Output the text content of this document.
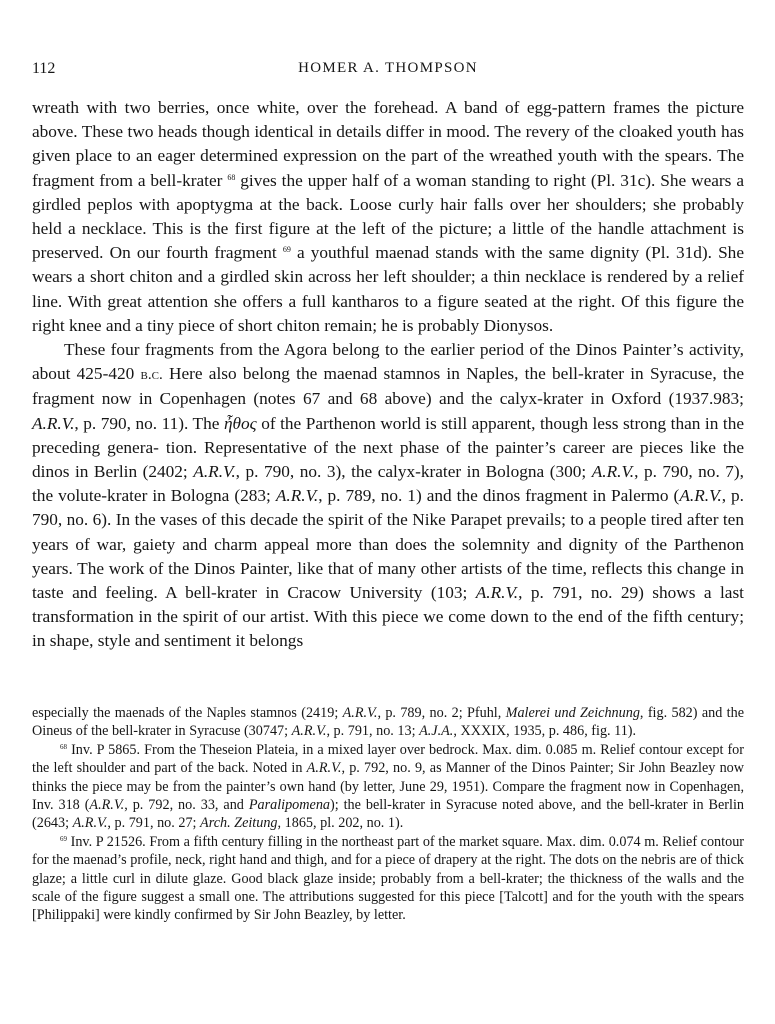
112	HOMER A. THOMPSON

wreath with two berries, once white, over the forehead. A band of egg-pattern frames the picture above. These two heads though identical in details differ in mood. The revery of the cloaked youth has given place to an eager determined expression on the part of the wreathed youth with the spears. The fragment from a bell-krater $^{68}$ gives the upper half of a woman standing to right (Pl. 31c). She wears a girdled peplos with apoptygma at the back. Loose curly hair falls over her shoulders; she probably held a necklace. This is the first figure at the left of the picture; a little of the handle attachment is preserved. On our fourth fragment $^{69}$ a youthful maenad stands with the same dignity (Pl. 31d). She wears a short chiton and a girdled skin across her left shoulder; a thin necklace is rendered by a relief line. With great attention she offers a full kantharos to a figure seated at the right. Of this figure the right knee and a tiny piece of short chiton remain; he is probably Dionysos.

These four fragments from the Agora belong to the earlier period of the Dinos Painter’s activity, about 425-420 b.c. Here also belong the maenad stamnos in Naples, the bell-krater in Syracuse, the fragment now in Copenhagen (notes 67 and 68 above) and the calyx-krater in Oxford (1937.983; A.R.V., p. 790, no. 11). The ἦθος of the Parthenon world is still apparent, though less strong than in the preceding genera- tion. Representative of the next phase of the painter’s career are pieces like the dinos in Berlin (2402; A.R.V., p. 790, no. 3), the calyx-krater in Bologna (300; A.R.V., p. 790, no. 7), the volute-krater in Bologna (283; A.R.V., p. 789, no. 1) and the dinos fragment in Palermo (A.R.V., p. 790, no. 6). In the vases of this decade the spirit of the Nike Parapet prevails; to a people tired after ten years of war, gaiety and charm appeal more than does the solemnity and dignity of the Parthenon years. The work of the Dinos Painter, like that of many other artists of the time, reflects this change in taste and feeling. A bell-krater in Cracow University (103; A.R.V., p. 791, no. 29) shows a last transformation in the spirit of our artist. With this piece we come down to the end of the fifth century; in shape, style and sentiment it belongs

especially the maenads of the Naples stamnos (2419; A.R.V., p. 789, no. 2; Pfuhl, Malerei und Zeichnung, fig. 582) and the Oineus of the bell-krater in Syracuse (30747; A.R.V., p. 791, no. 13; A.J.A., XXXIX, 1935, p. 486, fig. 11).

$^{68}$ Inv. P 5865. From the Theseion Plateia, in a mixed layer over bedrock. Max. dim. 0.085 m. Relief contour except for the left shoulder and part of the back. Noted in A.R.V., p. 792, no. 9, as Manner of the Dinos Painter; Sir John Beazley now thinks the piece may be from the painter’s own hand (by letter, June 29, 1951). Compare the fragment now in Copenhagen, Inv. 318 (A.R.V., p. 792, no. 33, and Paralipomena); the bell-krater in Syracuse noted above, and the bell-krater in Berlin (2643; A.R.V., p. 791, no. 27; Arch. Zeitung, 1865, pl. 202, no. 1).

$^{69}$ Inv. P 21526. From a fifth century filling in the northeast part of the market square. Max. dim. 0.074 m. Relief contour for the maenad’s profile, neck, right hand and thigh, and for a piece of drapery at the right. The dots on the nebris are of thick glaze; a little curl in dilute glaze. Good black glaze inside; probably from a bell-krater; the thickness of the walls and the scale of the figure suggest a small one. The attributions suggested for this piece [Talcott] and for the youth with the spears [Philippaki] were kindly confirmed by Sir John Beazley, by letter.
